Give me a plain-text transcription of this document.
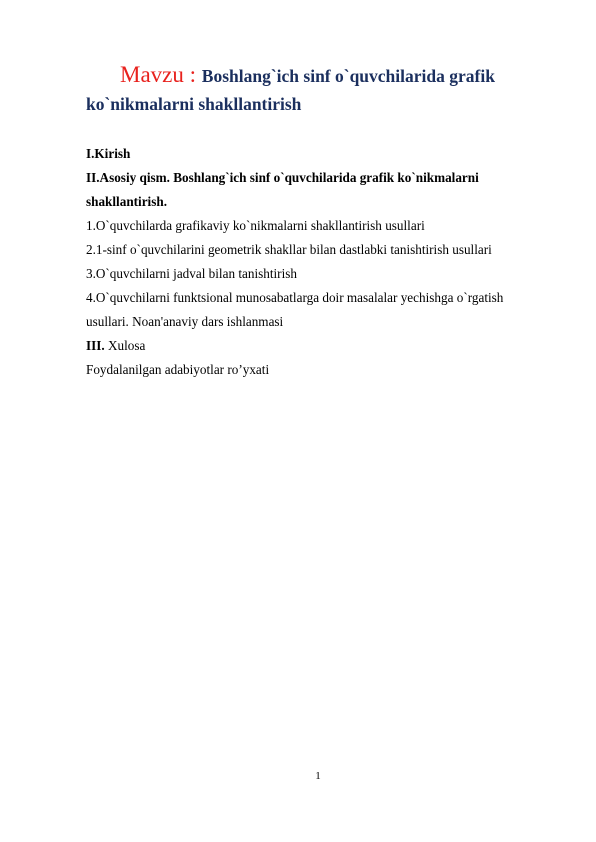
Mavzu : Boshlang`ich sinf o`quvchilarida grafik

ko`nikmalarni shakllantirish

I.Kirish

II.Asosiy qism. Boshlang`ich sinf o`quvchilarida grafik ko`nikmalarni

shakllantirish.

1.O`quvchilarda grafikaviy ko`nikmalarni shakllantirish usullari

2.1-sinf o`quvchilarini geometrik shakllar bilan dastlabki tanishtirish usullari

3.O`quvchilarni jadval bilan tanishtirish

4.O`quvchilarni funktsional munosabatlarga doir masalalar yechishga o`rgatish

usullari. Noan'anaviy dars ishlanmasi

III. Xulosa

Foydalanilgan adabiyotlar ro’yxati

1
